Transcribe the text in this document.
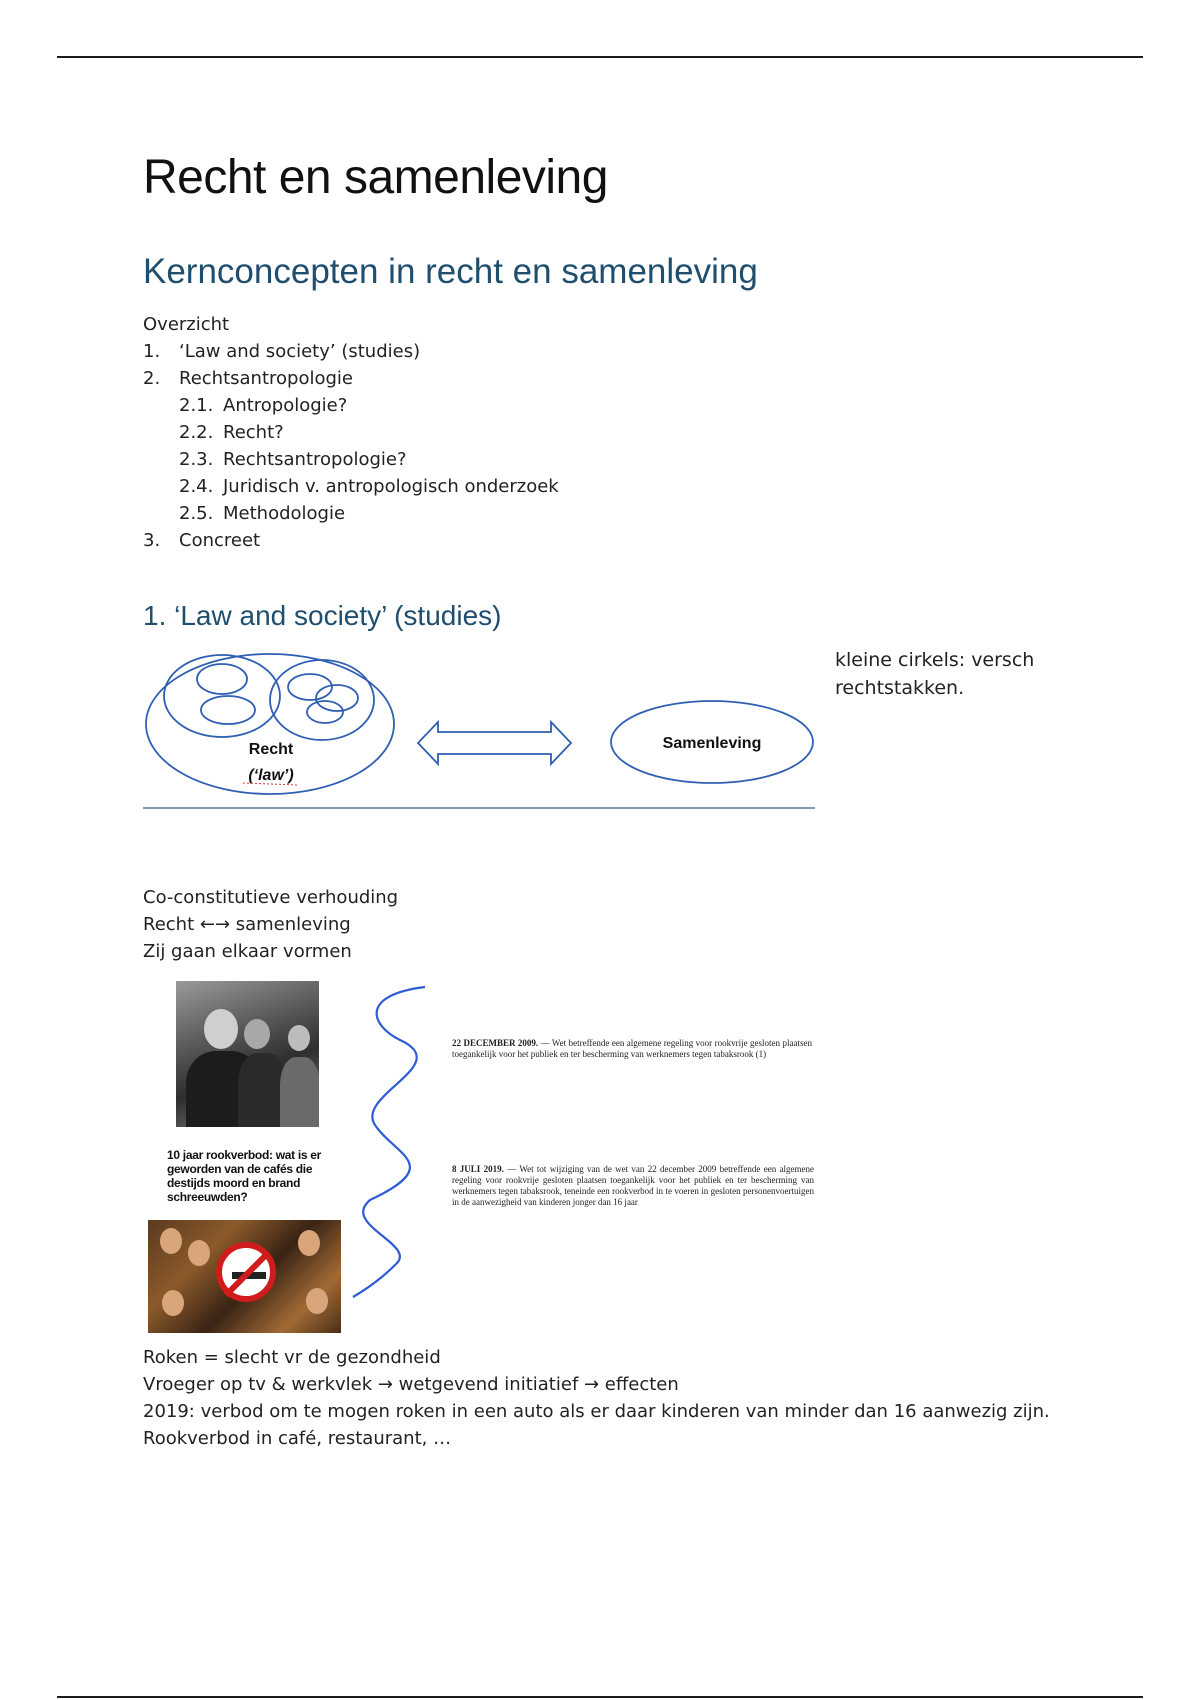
Recht en samenleving
Kernconcepten in recht en samenleving
Overzicht
1. ‘Law and society’ (studies)
2. Rechtsantropologie
2.1. Antropologie?
2.2. Recht?
2.3. Rechtsantropologie?
2.4. Juridisch v. antropologisch onderzoek
2.5. Methodologie
3. Concreet
1. ‘Law and society’ (studies)
Recht
(‘law’)
Samenleving
kleine cirkels: versch rechtstakken.
Co-constitutieve verhouding
Recht ←→ samenleving
Zij gaan elkaar vormen
10 jaar rookverbod: wat is er geworden van de cafés die destijds moord en brand schreeuwden?
22 DECEMBER 2009. — Wet betreffende een algemene regeling voor rookvrije gesloten plaatsen toegankelijk voor het publiek en ter bescherming van werknemers tegen tabaksrook (1)
8 JULI 2019. — Wet tot wijziging van de wet van 22 december 2009 betreffende een algemene regeling voor rookvrije gesloten plaatsen toegankelijk voor het publiek en ter bescherming van werknemers tegen tabaksrook, teneinde een rookverbod in te voeren in gesloten personenvoertuigen in de aanwezigheid van kinderen jonger dan 16 jaar
Roken = slecht vr de gezondheid
Vroeger op tv & werkvlek → wetgevend initiatief → effecten
2019: verbod om te mogen roken in een auto als er daar kinderen van minder dan 16 aanwezig zijn.
Rookverbod in café, restaurant, …
